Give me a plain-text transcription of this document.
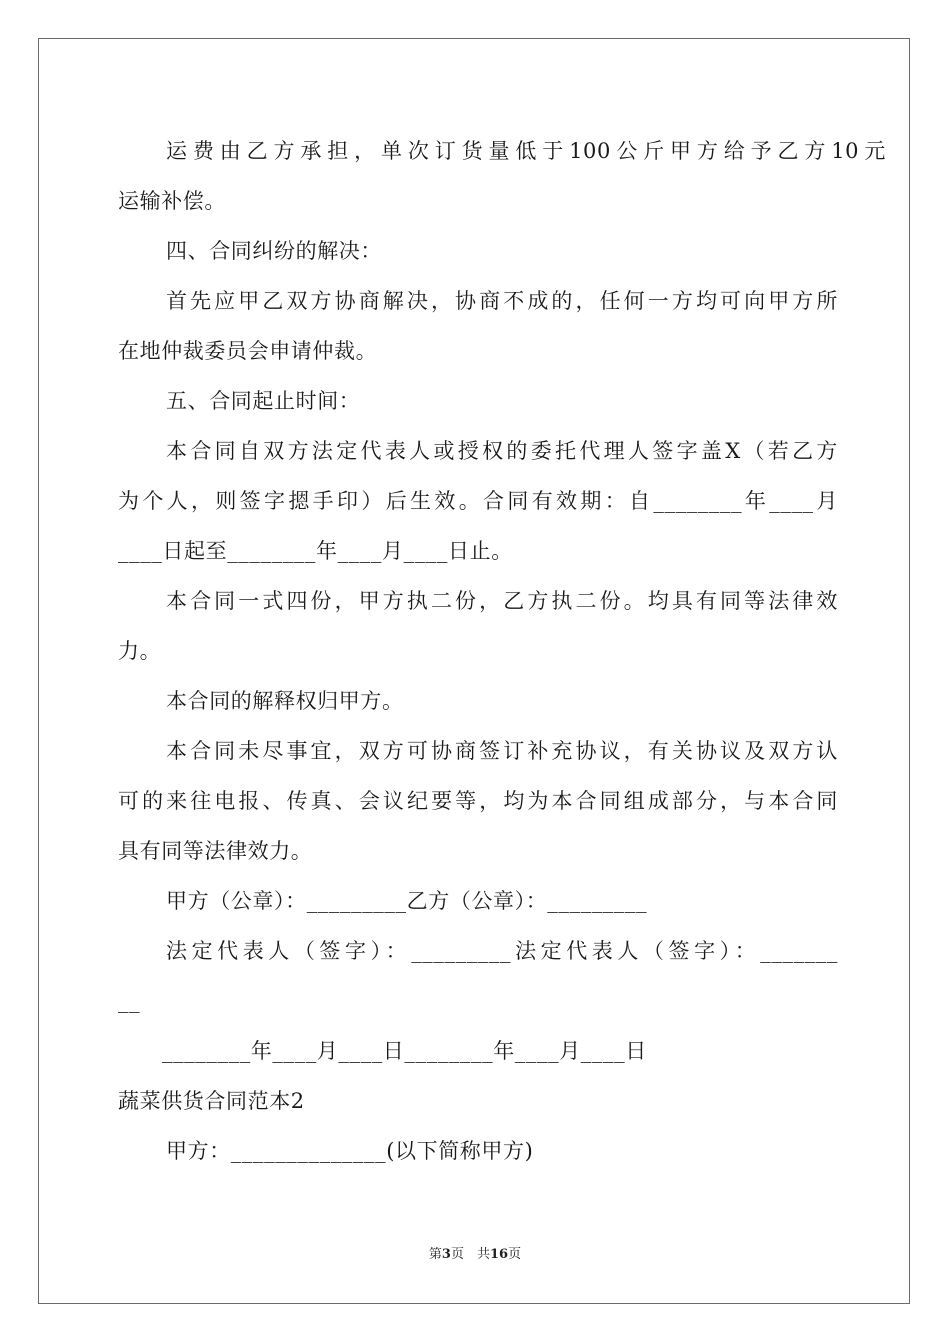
运费由乙方承担，单次订货量低于100公斤甲方给予乙方10元
运输补偿。
四、合同纠纷的解决：
首先应甲乙双方协商解决，协商不成的，任何一方均可向甲方所
在地仲裁委员会申请仲裁。
五、合同起止时间：
本合同自双方法定代表人或授权的委托代理人签字盖X（若乙方
为个人，则签字摁手印）后生效。合同有效期：自________年____月
____日起至________年____月____日止。
本合同一式四份，甲方执二份，乙方执二份。均具有同等法律效
力。
本合同的解释权归甲方。
本合同未尽事宜，双方可协商签订补充协议，有关协议及双方认
可的来往电报、传真、会议纪要等，均为本合同组成部分，与本合同
具有同等法律效力。
甲方（公章）：_________乙方（公章）：_________
法定代表人（签字）：_________法定代表人（签字）：_______
__
________年____月____日________年____月____日
蔬菜供货合同范本2
甲方：______________(以下简称甲方)
第3页　共16页
